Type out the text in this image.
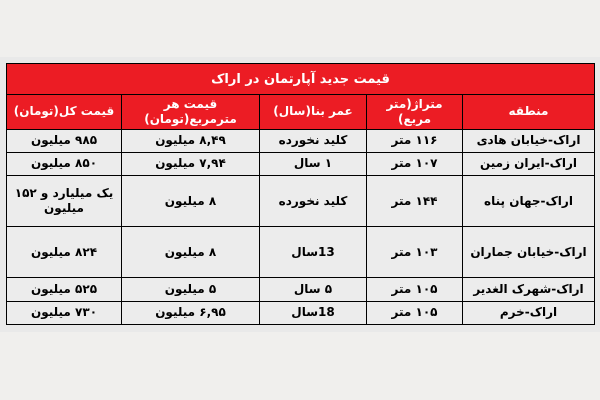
قیمت جدید آپارتمان در اراک				
منطقه	متراژ(متر مربع)	عمر بنا(سال)	قیمت هر مترمربع(تومان)	قیمت کل(تومان)
اراک-خیابان هادی	۱۱۶ متر	کلید نخورده	۸,۴۹ میلیون	۹۸۵ میلیون
اراک-ایران زمین	۱۰۷ متر	۱ سال	۷,۹۴ میلیون	۸۵۰ میلیون
اراک-جهان پناه	۱۴۴ متر	کلید نخورده	۸ میلیون	یک میلیارد و ۱۵۲ میلیون
اراک-خیابان جماران	۱۰۳ متر	13سال	۸ میلیون	۸۲۴ میلیون
اراک-شهرک الغدیر	۱۰۵ متر	۵ سال	۵ میلیون	۵۲۵ میلیون
اراک-خرم	۱۰۵ متر	18سال	۶,۹۵ میلیون	۷۳۰ میلیون
